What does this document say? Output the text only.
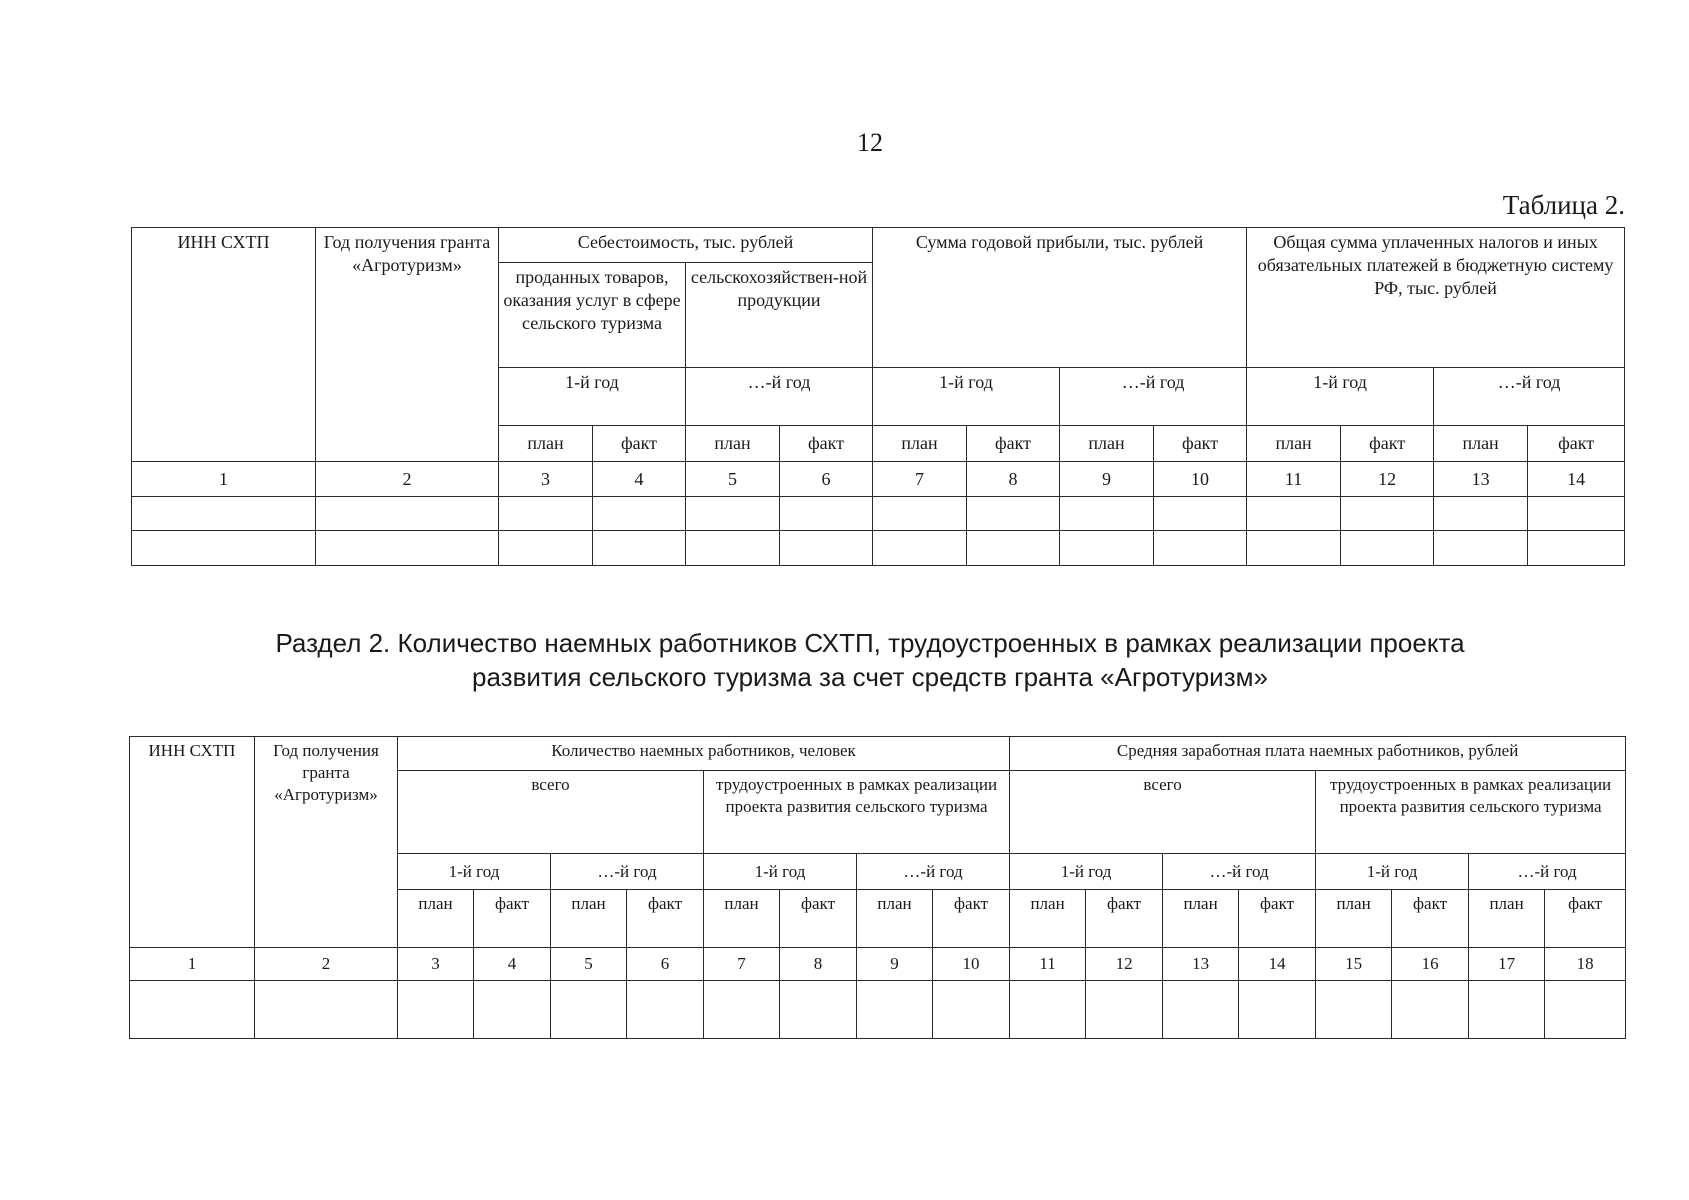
12
Таблица 2.
ИНН СХТП	Год получения гранта «Агротуризм»	Себестоимость, тыс. рублей				Сумма годовой прибыли, тыс. рублей				Общая сумма уплаченных налогов и иных обязательных платежей в бюджетную систему РФ, тыс. рублей			
		проданных товаров, оказания услуг в сфере сельского туризма		сельскохозяйствен-ной продукции									
		1-й год		…-й год		1-й год		…-й год		1-й год		…-й год	
		план	факт	план	факт	план	факт	план	факт	план	факт	план	факт
1	2	3	4	5	6	7	8	9	10	11	12	13	14

Раздел 2. Количество наемных работников СХТП, трудоустроенных в рамках реализации проекта
развития сельского туризма за счет средств гранта «Агротуризм»
ИНН СХТП	Год получения гранта «Агротуризм»	Количество наемных работников, человек								Средняя заработная плата наемных работников, рублей							
		всего				трудоустроенных в рамках реализации проекта развития сельского туризма				всего				трудоустроенных в рамках реализации проекта развития сельского туризма			
		1-й год		…-й год		1-й год		…-й год		1-й год		…-й год		1-й год		…-й год	
		план	факт	план	факт	план	факт	план	факт	план	факт	план	факт	план	факт	план	факт
1	2	3	4	5	6	7	8	9	10	11	12	13	14	15	16	17	18
